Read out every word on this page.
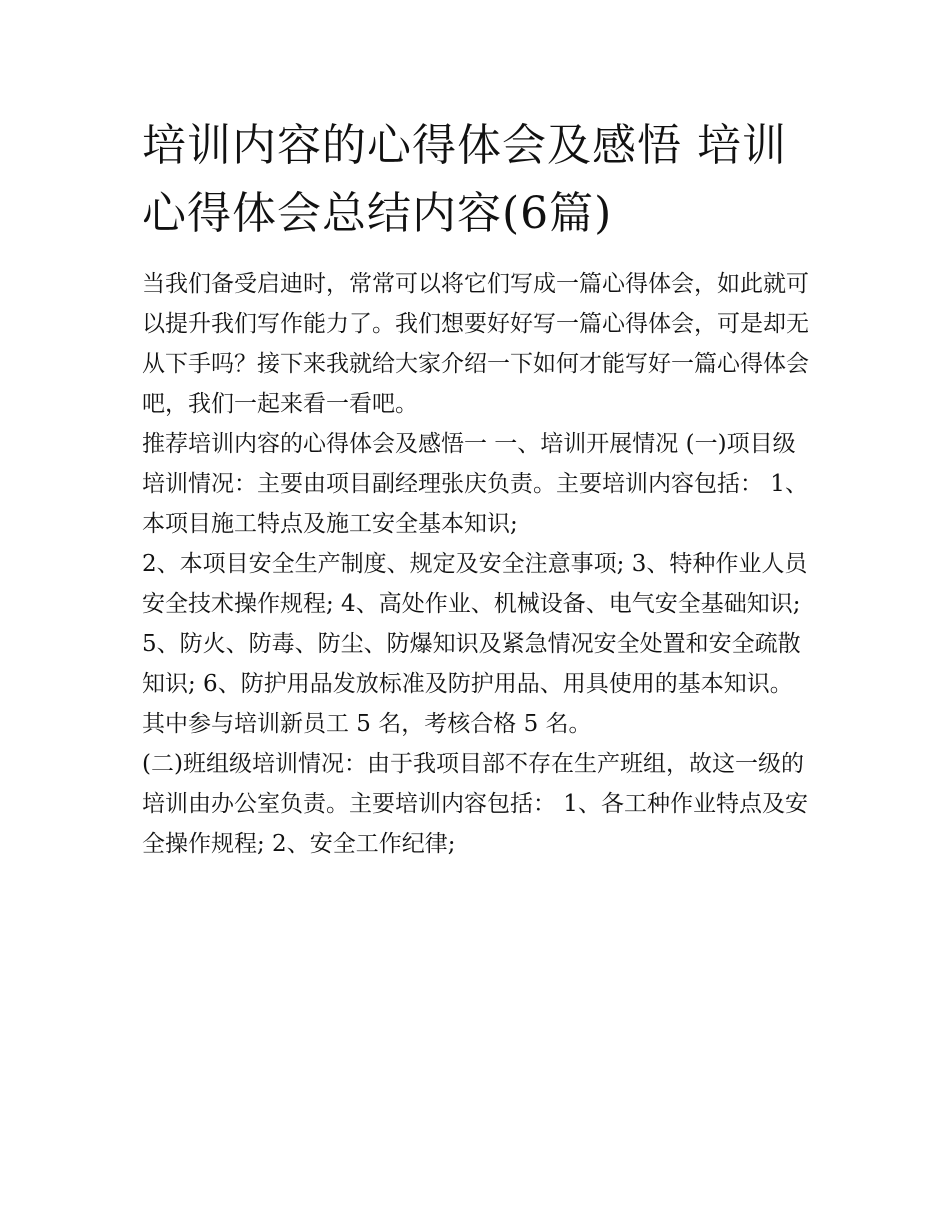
培训内容的心得体会及感悟 培训心得体会总结内容(6篇)

当我们备受启迪时，常常可以将它们写成一篇心得体会，如此就可以提升我们写作能力了。我们想要好好写一篇心得体会，可是却无从下手吗？接下来我就给大家介绍一下如何才能写好一篇心得体会吧，我们一起来看一看吧。

推荐培训内容的心得体会及感悟一 一、培训开展情况 (一)项目级培训情况：主要由项目副经理张庆负责。主要培训内容包括： 1、本项目施工特点及施工安全基本知识;

2、本项目安全生产制度、规定及安全注意事项; 3、特种作业人员安全技术操作规程; 4、高处作业、机械设备、电气安全基础知识;

5、防火、防毒、防尘、防爆知识及紧急情况安全处置和安全疏散知识; 6、防护用品发放标准及防护用品、用具使用的基本知识。其中参与培训新员工 5 名，考核合格 5 名。

(二)班组级培训情况：由于我项目部不存在生产班组，故这一级的培训由办公室负责。主要培训内容包括： 1、各工种作业特点及安全操作规程; 2、安全工作纪律;
